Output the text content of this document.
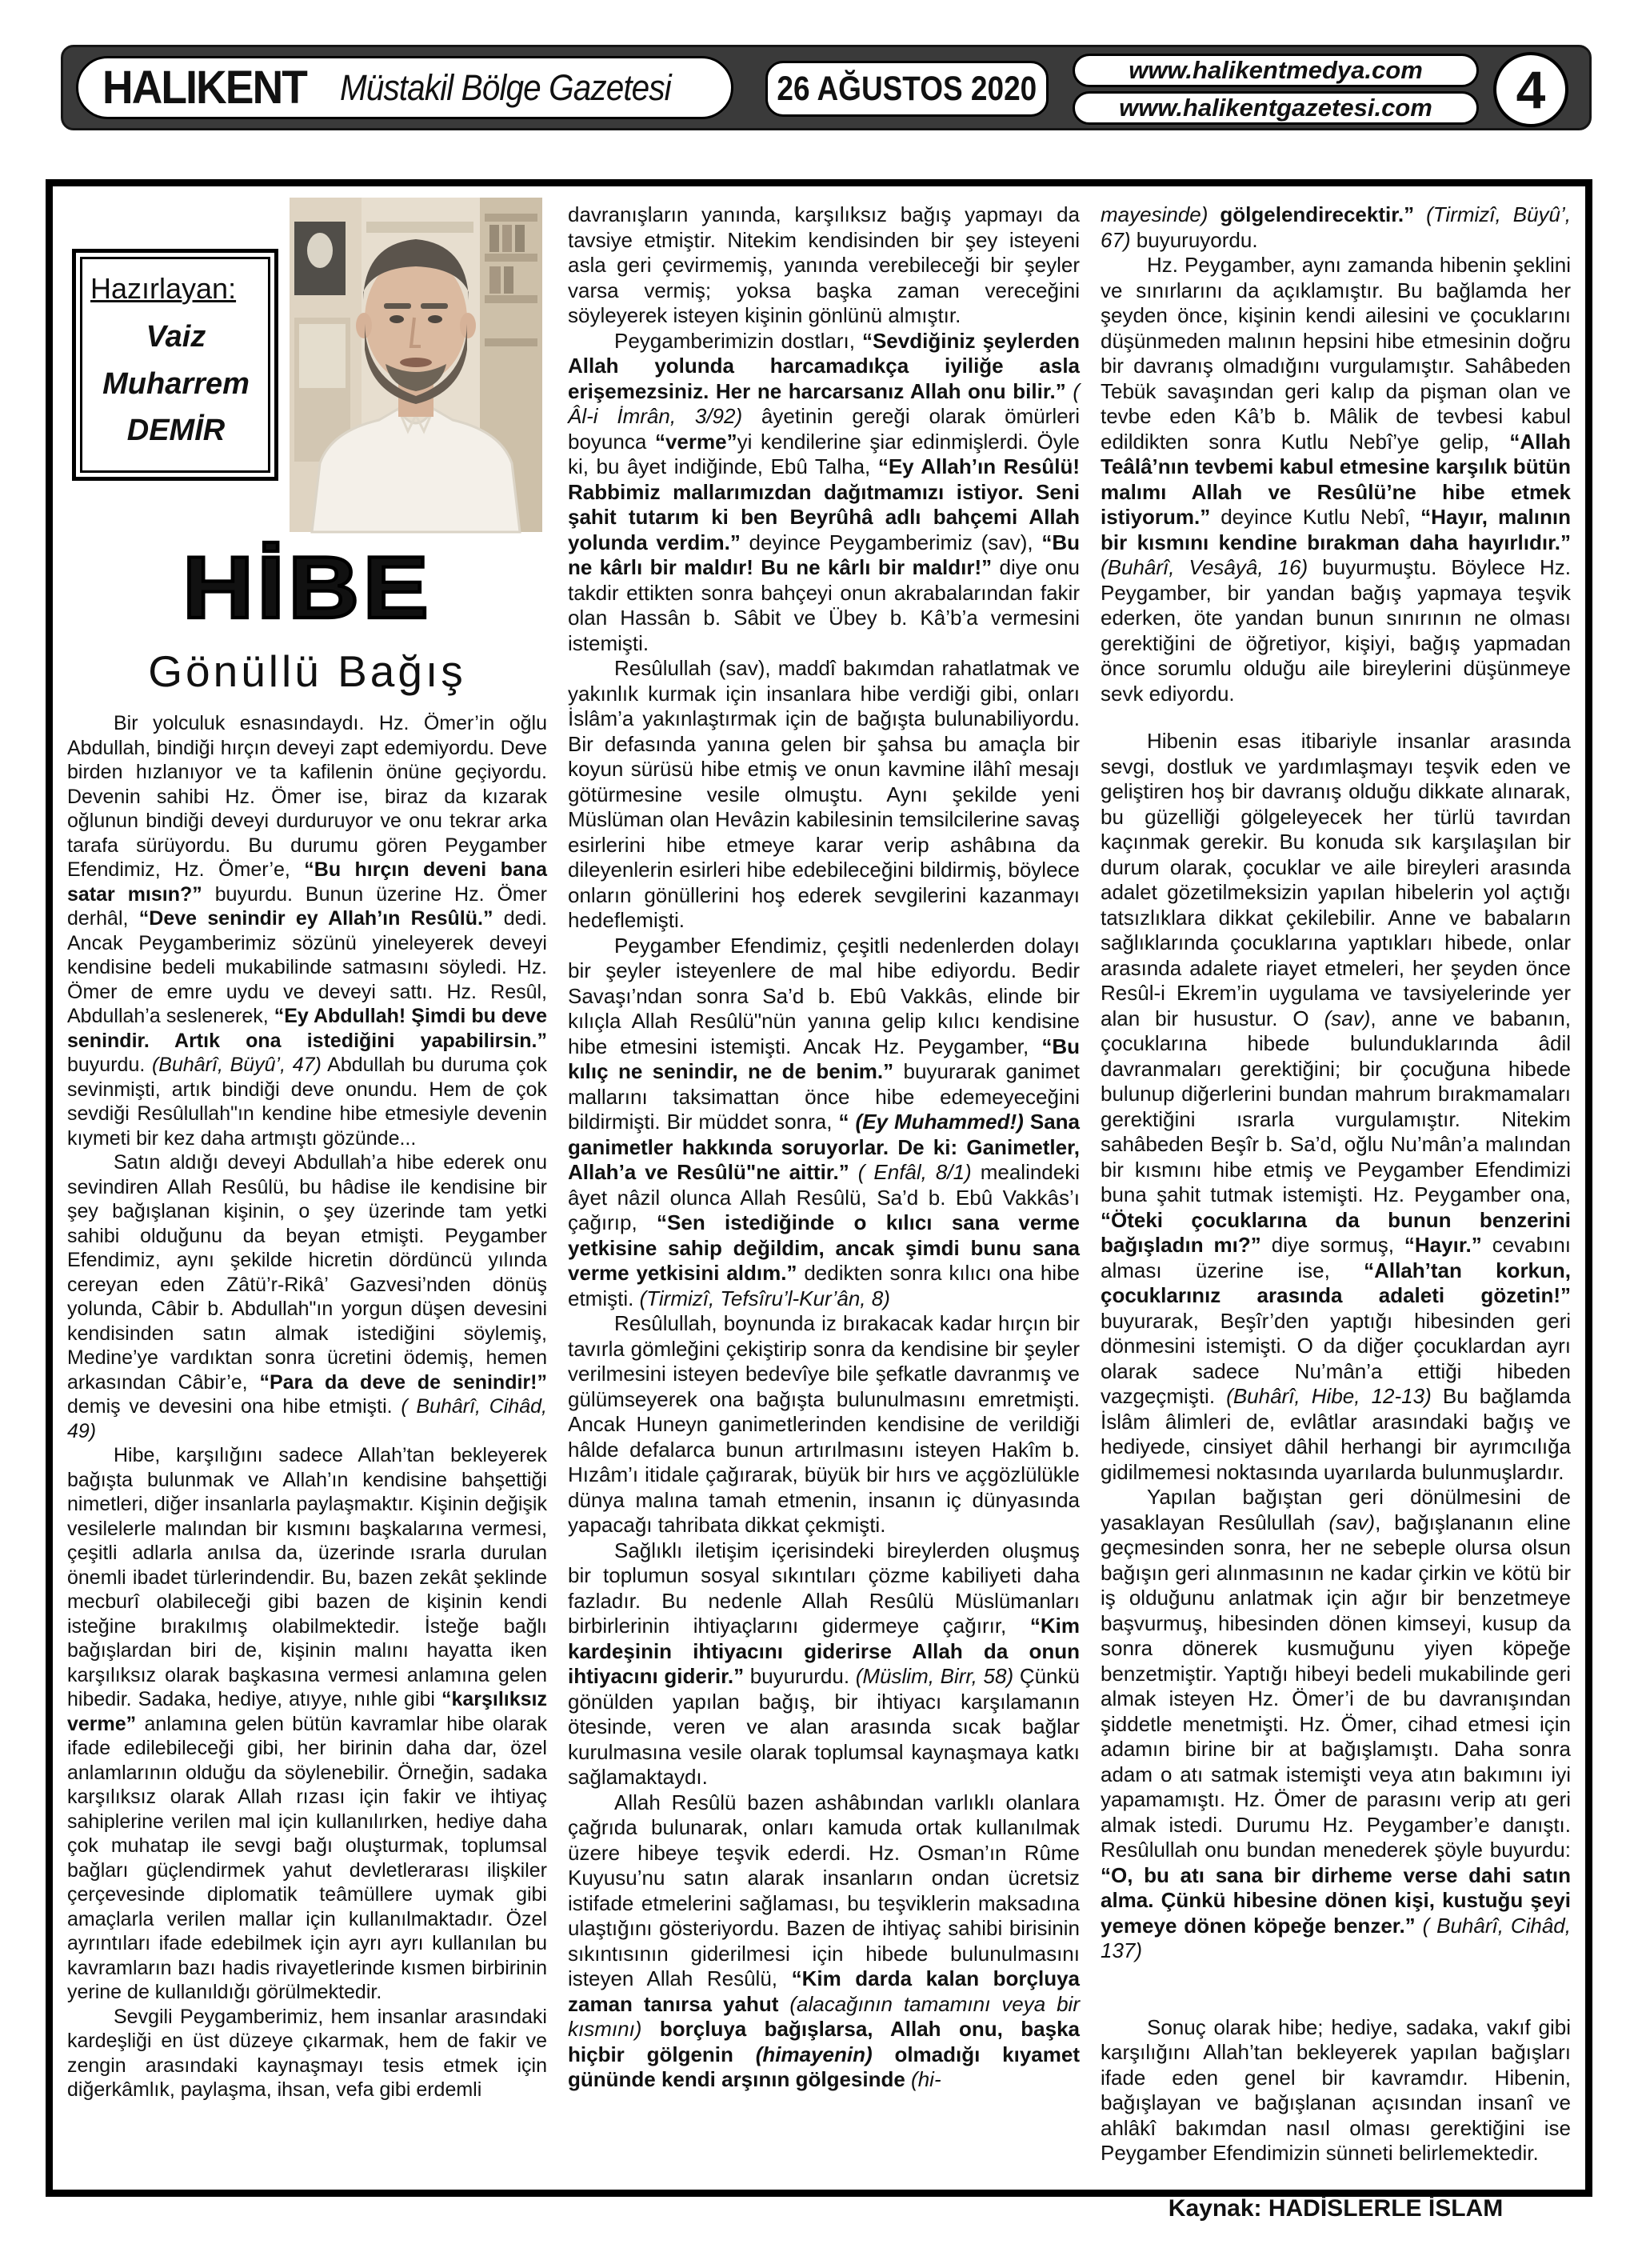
HALIKENT Müstakil Bölge Gazetesi	26 AĞUSTOS 2020	www.halikentmedya.com
www.halikentgazetesi.com 4
Hazırlayan:
Vaiz
Muharrem
DEMİR
HİBE
Gönüllü Bağış

Bir yolculuk esnasındaydı. Hz. Ömer’in oğlu Abdullah, bindiği hırçın deveyi zapt edemiyordu. Deve birden hızlanıyor ve ta kafilenin önüne geçiyordu. Devenin sahibi Hz. Ömer ise, biraz da kızarak oğlunun bindiği deveyi durduruyor ve onu tekrar arka tarafa sürüyordu. Bu durumu gören Peygamber Efendimiz, Hz. Ömer’e, “Bu hırçın deveni bana satar mısın?” buyurdu. Bunun üzerine Hz. Ömer derhâl, “Deve senindir ey Allah’ın Resûlü.” dedi. Ancak Peygamberimiz sözünü yineleyerek deveyi kendisine bedeli mukabilinde satmasını söyledi. Hz. Ömer de emre uydu ve deveyi sattı. Hz. Resûl, Abdullah’a seslenerek, “Ey Abdullah! Şimdi bu deve senindir. Artık ona istediğini yapabilirsin.” buyurdu. (Buhârî, Büyû’, 47) Abdullah bu duruma çok sevinmişti, artık bindiği deve onundu. Hem de çok sevdiği Resûlullah"ın kendine hibe etmesiyle devenin kıymeti bir kez daha artmıştı gözünde...

Satın aldığı deveyi Abdullah’a hibe ederek onu sevindiren Allah Resûlü, bu hâdise ile kendisine bir şey bağışlanan kişinin, o şey üzerinde tam yetki sahibi olduğunu da beyan etmişti. Peygamber Efendimiz, aynı şekilde hicretin dördüncü yılında cereyan eden Zâtü’r-Rikâ’ Gazvesi’nden dönüş yolunda, Câbir b. Abdullah"ın yorgun düşen devesini kendisinden satın almak istediğini söylemiş, Medine’ye vardıktan sonra ücretini ödemiş, hemen arkasından Câbir’e, “Para da deve de senindir!” demiş ve devesini ona hibe etmişti. ( Buhârî, Cihâd, 49)

Hibe, karşılığını sadece Allah’tan bekleyerek bağışta bulunmak ve Allah’ın kendisine bahşettiği nimetleri, diğer insanlarla paylaşmaktır. Kişinin değişik vesilelerle malından bir kısmını başkalarına vermesi, çeşitli adlarla anılsa da, üzerinde ısrarla durulan önemli ibadet türlerindendir. Bu, bazen zekât şeklinde mecburî olabileceği gibi bazen de kişinin kendi isteğine bırakılmış olabilmektedir. İsteğe bağlı bağışlardan biri de, kişinin malını hayatta iken karşılıksız olarak başkasına vermesi anlamına gelen hibedir. Sadaka, hediye, atıyye, nıhle gibi “karşılıksız verme” anlamına gelen bütün kavramlar hibe olarak ifade edilebileceği gibi, her birinin daha dar, özel anlamlarının olduğu da söylenebilir. Örneğin, sadaka karşılıksız olarak Allah rızası için fakir ve ihtiyaç sahiplerine verilen mal için kullanılırken, hediye daha çok muhatap ile sevgi bağı oluşturmak, toplumsal bağları güçlendirmek yahut devletlerarası ilişkiler çerçevesinde diplomatik teâmüllere uymak gibi amaçlarla verilen mallar için kullanılmaktadır. Özel ayrıntıları ifade edebilmek için ayrı ayrı kullanılan bu kavramların bazı hadis rivayetlerinde kısmen birbirinin yerine de kullanıldığı görülmektedir.

Sevgili Peygamberimiz, hem insanlar arasındaki kardeşliği en üst düzeye çıkarmak, hem de fakir ve zengin arasındaki kaynaşmayı tesis etmek için diğerkâmlık, paylaşma, ihsan, vefa gibi erdemli

davranışların yanında, karşılıksız bağış yapmayı da tavsiye etmiştir. Nitekim kendisinden bir şey isteyeni asla geri çevirmemiş, yanında verebileceği bir şeyler varsa vermiş; yoksa başka zaman vereceğini söyleyerek isteyen kişinin gönlünü almıştır.

Peygamberimizin dostları, “Sevdiğiniz şeylerden Allah yolunda harcamadıkça iyiliğe asla erişemezsiniz. Her ne harcarsanız Allah onu bilir.” ( Âl-i İmrân, 3/92) âyetinin gereği olarak ömürleri boyunca “verme”yi kendilerine şiar edinmişlerdi. Öyle ki, bu âyet indiğinde, Ebû Talha, “Ey Allah’ın Resûlü! Rabbimiz mallarımızdan dağıtmamızı istiyor. Seni şahit tutarım ki ben Beyrûhâ adlı bahçemi Allah yolunda verdim.” deyince Peygamberimiz (sav), “Bu ne kârlı bir maldır! Bu ne kârlı bir maldır!” diye onu takdir ettikten sonra bahçeyi onun akrabalarından fakir olan Hassân b. Sâbit ve Übey b. Kâ’b’a vermesini istemişti.

Resûlullah (sav), maddî bakımdan rahatlatmak ve yakınlık kurmak için insanlara hibe verdiği gibi, onları İslâm’a yakınlaştırmak için de bağışta bulunabiliyordu. Bir defasında yanına gelen bir şahsa bu amaçla bir koyun sürüsü hibe etmiş ve onun kavmine ilâhî mesajı götürmesine vesile olmuştu. Aynı şekilde yeni Müslüman olan Hevâzin kabilesinin temsilcilerine savaş esirlerini hibe etmeye karar verip ashâbına da dileyenlerin esirleri hibe edebileceğini bildirmiş, böylece onların gönüllerini hoş ederek sevgilerini kazanmayı hedeflemişti.

Peygamber Efendimiz, çeşitli nedenlerden dolayı bir şeyler isteyenlere de mal hibe ediyordu. Bedir Savaşı’ndan sonra Sa’d b. Ebû Vakkâs, elinde bir kılıçla Allah Resûlü"nün yanına gelip kılıcı kendisine hibe etmesini istemişti. Ancak Hz. Peygamber, “Bu kılıç ne senindir, ne de benim.” buyurarak ganimet mallarını taksimattan önce hibe edemeyeceğini bildirmişti. Bir müddet sonra, “ (Ey Muhammed!) Sana ganimetler hakkında soruyorlar. De ki: Ganimetler, Allah’a ve Resûlü"ne aittir.” ( Enfâl, 8/1) mealindeki âyet nâzil olunca Allah Resûlü, Sa’d b. Ebû Vakkâs’ı çağırıp, “Sen istediğinde o kılıcı sana verme yetkisine sahip değildim, ancak şimdi bunu sana verme yetkisini aldım.” dedikten sonra kılıcı ona hibe etmişti. (Tirmizî, Tefsîru’l-Kur’ân, 8)

Resûlullah, boynunda iz bırakacak kadar hırçın bir tavırla gömleğini çekiştirip sonra da kendisine bir şeyler verilmesini isteyen bedevîye bile şefkatle davranmış ve gülümseyerek ona bağışta bulunulmasını emretmişti. Ancak Huneyn ganimetlerinden kendisine de verildiği hâlde defalarca bunun artırılmasını isteyen Hakîm b. Hızâm’ı itidale çağırarak, büyük bir hırs ve açgözlülükle dünya malına tamah etmenin, insanın iç dünyasında yapacağı tahribata dikkat çekmişti.

Sağlıklı iletişim içerisindeki bireylerden oluşmuş bir toplumun sosyal sıkıntıları çözme kabiliyeti daha fazladır. Bu nedenle Allah Resûlü Müslümanları birbirlerinin ihtiyaçlarını gidermeye çağırır, “Kim kardeşinin ihtiyacını giderirse Allah da onun ihtiyacını giderir.” buyururdu. (Müslim, Birr, 58) Çünkü gönülden yapılan bağış, bir ihtiyacı karşılamanın ötesinde, veren ve alan arasında sıcak bağlar kurulmasına vesile olarak toplumsal kaynaşmaya katkı sağlamaktaydı.

Allah Resûlü bazen ashâbından varlıklı olanlara çağrıda bulunarak, onları kamuda ortak kullanılmak üzere hibeye teşvik ederdi. Hz. Osman’ın Rûme Kuyusu’nu satın alarak insanların ondan ücretsiz istifade etmelerini sağlaması, bu teşviklerin maksadına ulaştığını gösteriyordu. Bazen de ihtiyaç sahibi birisinin sıkıntısının giderilmesi için hibede bulunulmasını isteyen Allah Resûlü, “Kim darda kalan borçluya zaman tanırsa yahut (alacağının tamamını veya bir kısmını) borçluya bağışlarsa, Allah onu, başka hiçbir gölgenin (himayenin) olmadığı kıyamet gününde kendi arşının gölgesinde (hi-

mayesinde) gölgelendirecektir.” (Tirmizî, Büyû’, 67) buyuruyordu.

Hz. Peygamber, aynı zamanda hibenin şeklini ve sınırlarını da açıklamıştır. Bu bağlamda her şeyden önce, kişinin kendi ailesini ve çocuklarını düşünmeden malının hepsini hibe etmesinin doğru bir davranış olmadığını vurgulamıştır. Sahâbeden Tebük savaşından geri kalıp da pişman olan ve tevbe eden Kâ’b b. Mâlik de tevbesi kabul edildikten sonra Kutlu Nebî’ye gelip, “Allah Teâlâ’nın tevbemi kabul etmesine karşılık bütün malımı Allah ve Resûlü’ne hibe etmek istiyorum.” deyince Kutlu Nebî, “Hayır, malının bir kısmını kendine bırakman daha hayırlıdır.” (Buhârî, Vesâyâ, 16) buyurmuştu. Böylece Hz. Peygamber, bir yandan bağış yapmaya teşvik ederken, öte yandan bunun sınırının ne olması gerektiğini de öğretiyor, kişiyi, bağış yapmadan önce sorumlu olduğu aile bireylerini düşünmeye sevk ediyordu.

Hibenin esas itibariyle insanlar arasında sevgi, dostluk ve yardımlaşmayı teşvik eden ve geliştiren hoş bir davranış olduğu dikkate alınarak, bu güzelliği gölgeleyecek her türlü tavırdan kaçınmak gerekir. Bu konuda sık karşılaşılan bir durum olarak, çocuklar ve aile bireyleri arasında adalet gözetilmeksizin yapılan hibelerin yol açtığı tatsızlıklara dikkat çekilebilir. Anne ve babaların sağlıklarında çocuklarına yaptıkları hibede, onlar arasında adalete riayet etmeleri, her şeyden önce Resûl-i Ekrem’in uygulama ve tavsiyelerinde yer alan bir husustur. O (sav), anne ve babanın, çocuklarına hibede bulunduklarında âdil davranmaları gerektiğini; bir çocuğuna hibede bulunup diğerlerini bundan mahrum bırakmamaları gerektiğini ısrarla vurgulamıştır. Nitekim sahâbeden Beşîr b. Sa’d, oğlu Nu’mân’a malından bir kısmını hibe etmiş ve Peygamber Efendimizi buna şahit tutmak istemişti. Hz. Peygamber ona, “Öteki çocuklarına da bunun benzerini bağışladın mı?” diye sormuş, “Hayır.” cevabını alması üzerine ise, “Allah’tan korkun, çocuklarınız arasında adaleti gözetin!” buyurarak, Beşîr’den yaptığı hibesinden geri dönmesini istemişti. O da diğer çocuklardan ayrı olarak sadece Nu’mân’a ettiği hibeden vazgeçmişti. (Buhârî, Hibe, 12-13) Bu bağlamda İslâm âlimleri de, evlâtlar arasındaki bağış ve hediyede, cinsiyet dâhil herhangi bir ayrımcılığa gidilmemesi noktasında uyarılarda bulunmuşlardır.

Yapılan bağıştan geri dönülmesini de yasaklayan Resûlullah (sav), bağışlananın eline geçmesinden sonra, her ne sebeple olursa olsun bağışın geri alınmasının ne kadar çirkin ve kötü bir iş olduğunu anlatmak için ağır bir benzetmeye başvurmuş, hibesinden dönen kimseyi, kusup da sonra dönerek kusmuğunu yiyen köpeğe benzetmiştir. Yaptığı hibeyi bedeli mukabilinde geri almak isteyen Hz. Ömer’i de bu davranışından şiddetle menetmişti. Hz. Ömer, cihad etmesi için adamın birine bir at bağışlamıştı. Daha sonra adam o atı satmak istemişti veya atın bakımını iyi yapamamıştı. Hz. Ömer de parasını verip atı geri almak istedi. Durumu Hz. Peygamber’e danıştı. Resûlullah onu bundan menederek şöyle buyurdu: “O, bu atı sana bir dirheme verse dahi satın alma. Çünkü hibesine dönen kişi, kustuğu şeyi yemeye dönen köpeğe benzer.” ( Buhârî, Cihâd, 137)

Sonuç olarak hibe; hediye, sadaka, vakıf gibi karşılığını Allah’tan bekleyerek yapılan bağışları ifade eden genel bir kavramdır. Hibenin, bağışlayan ve bağışlanan açısından insanî ve ahlâkî bakımdan nasıl olması gerektiğini ise Peygamber Efendimizin sünneti belirlemektedir.

Kaynak: HADİSLERLE İSLAM
